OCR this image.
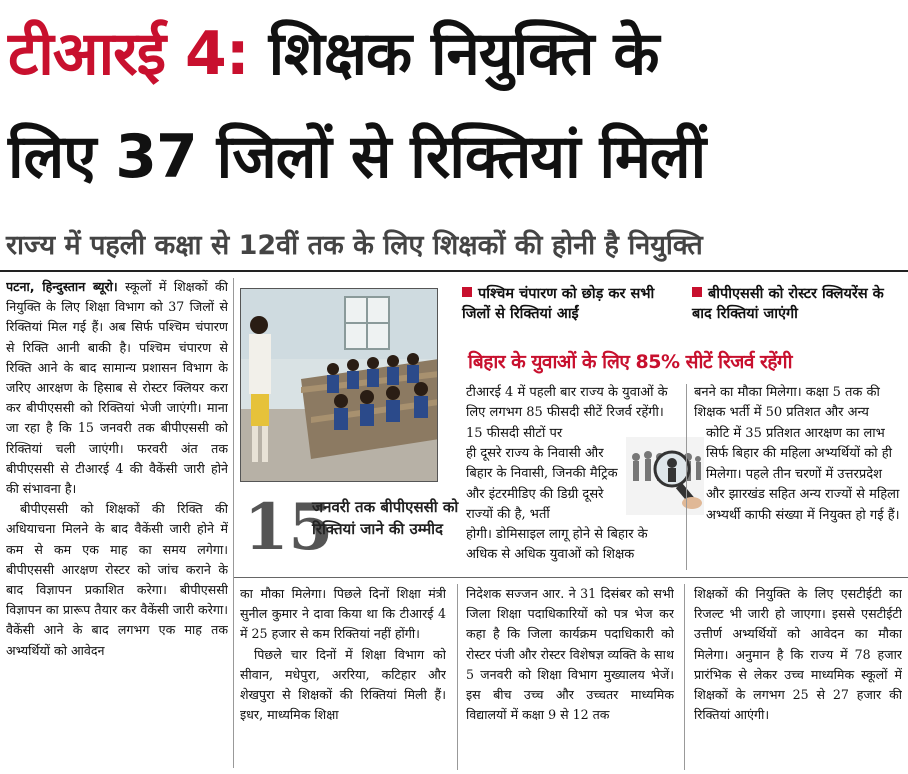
टीआरई 4: शिक्षक नियुक्ति के
लिए 37 जिलों से रिक्तियां मिलीं
राज्य में पहली कक्षा से 12वीं तक के लिए शिक्षकों की होनी है नियुक्ति

पटना, हिन्दुस्तान ब्यूरो। स्कूलों में शिक्षकों की नियुक्ति के लिए शिक्षा विभाग को 37 जिलों से रिक्तियां मिल गई हैं। अब सिर्फ पश्चिम चंपारण से रिक्ति आनी बाकी है। पश्चिम चंपारण से रिक्ति आने के बाद सामान्य प्रशासन विभाग के जरिए आरक्षण के हिसाब से रोस्टर क्लियर करा कर बीपीएससी को रिक्तियां भेजी जाएंगी। माना जा रहा है कि 15 जनवरी तक बीपीएससी को रिक्तियां चली जाएंगी। फरवरी अंत तक बीपीएससी से टीआरई 4 की वैकेंसी जारी होने की संभावना है।

बीपीएससी को शिक्षकों की रिक्ति की अधियाचना मिलने के बाद वैकेंसी जारी होने में कम से कम एक माह का समय लगेगा। बीपीएससी आरक्षण रोस्टर को जांच कराने के बाद विज्ञापन प्रकाशित करेगा। बीपीएससी विज्ञापन का प्रारूप तैयार कर वैकेंसी जारी करेगा। वैकेंसी आने के बाद लगभग एक माह तक अभ्यर्थियों को आवेदन

15
जनवरी तक बीपीएससी को रिक्तियां जाने की उम्मीद
पश्चिम चंपारण को छोड़ कर सभी जिलों से रिक्तियां आईं
बीपीएससी को रोस्टर क्लियरेंस के बाद रिक्तियां जाएंगी
बिहार के युवाओं के लिए 85% सीटें रिजर्व रहेंगी
टीआरई 4 में पहली बार राज्य के युवाओं के लिए लगभग 85 फीसदी सीटें रिजर्व रहेंगी। 15 फीसदी सीटों पर
ही दूसरे राज्य के निवासी और बिहार के निवासी, जिनकी मैट्रिक और इंटरमीडिए की डिग्री दूसरे राज्यों की है, भर्ती
होगी। डोमिसाइल लागू होने से बिहार के अधिक से अधिक युवाओं को शिक्षक
बनने का मौका मिलेगा। कक्षा 5 तक की शिक्षक भर्ती में 50 प्रतिशत और अन्य
कोटि में 35 प्रतिशत आरक्षण का लाभ सिर्फ बिहार की महिला अभ्यर्थियों को ही मिलेगा। पहले तीन चरणों में उत्तरप्रदेश और झारखंड सहित अन्य राज्यों से महिला अभ्यर्थी काफी संख्या में नियुक्त हो गई हैं।

का मौका मिलेगा। पिछले दिनों शिक्षा मंत्री सुनील कुमार ने दावा किया था कि टीआरई 4 में 25 हजार से कम रिक्तियां नहीं होंगी।

पिछले चार दिनों में शिक्षा विभाग को सीवान, मधेपुरा, अररिया, कटिहार और शेखपुरा से शिक्षकों की रिक्तियां मिली हैं। इधर, माध्यमिक शिक्षा

निदेशक सज्जन आर. ने 31 दिसंबर को सभी जिला शिक्षा पदाधिकारियों को पत्र भेज कर कहा है कि जिला कार्यक्रम पदाधिकारी को रोस्टर पंजी और रोस्टर विशेषज्ञ व्यक्ति के साथ 5 जनवरी को शिक्षा विभाग मुख्यालय भेजें। इस बीच उच्च और उच्चतर माध्यमिक विद्यालयों में कक्षा 9 से 12 तक

शिक्षकों की नियुक्ति के लिए एसटीईटी का रिजल्ट भी जारी हो जाएगा। इससे एसटीईटी उत्तीर्ण अभ्यर्थियों को आवेदन का मौका मिलेगा। अनुमान है कि राज्य में 78 हजार प्रारंभिक से लेकर उच्च माध्यमिक स्कूलों में शिक्षकों के लगभग 25 से 27 हजार की रिक्तियां आएंगी।
